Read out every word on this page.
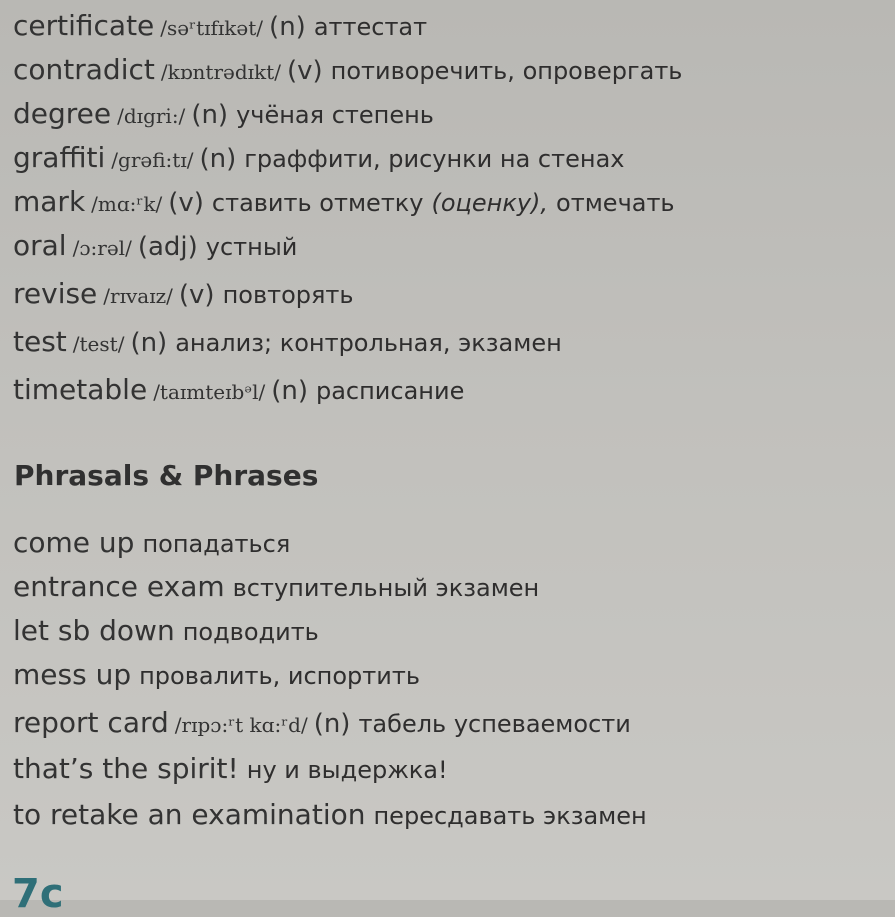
certificate /səʳtɪfɪkət/ (n) аттестат
contradict /kɒntrədɪkt/ (v) потиворечить, опровергать
degree /dɪgri:/ (n) учёная степень
graffiti /grəfi:tɪ/ (n) граффити, рисунки на стенах
mark /mɑ:ʳk/ (v) ставить отметку (оценку), отмечать
oral /ɔ:rəl/ (adj) устный
revise /rɪvaɪz/ (v) повторять
test /test/ (n) анализ; контрольная, экзамен
timetable /taɪmteɪbᵊl/ (n) расписание
Phrasals & Phrases
come up попадаться
entrance exam вступительный экзамен
let sb down подводить
mess up провалить, испортить
report card /rɪpɔ:ʳt kɑ:ʳd/ (n) табель успеваемости
that’s the spirit! ну и выдержка!
to retake an examination пересдавать экзамен
7c
